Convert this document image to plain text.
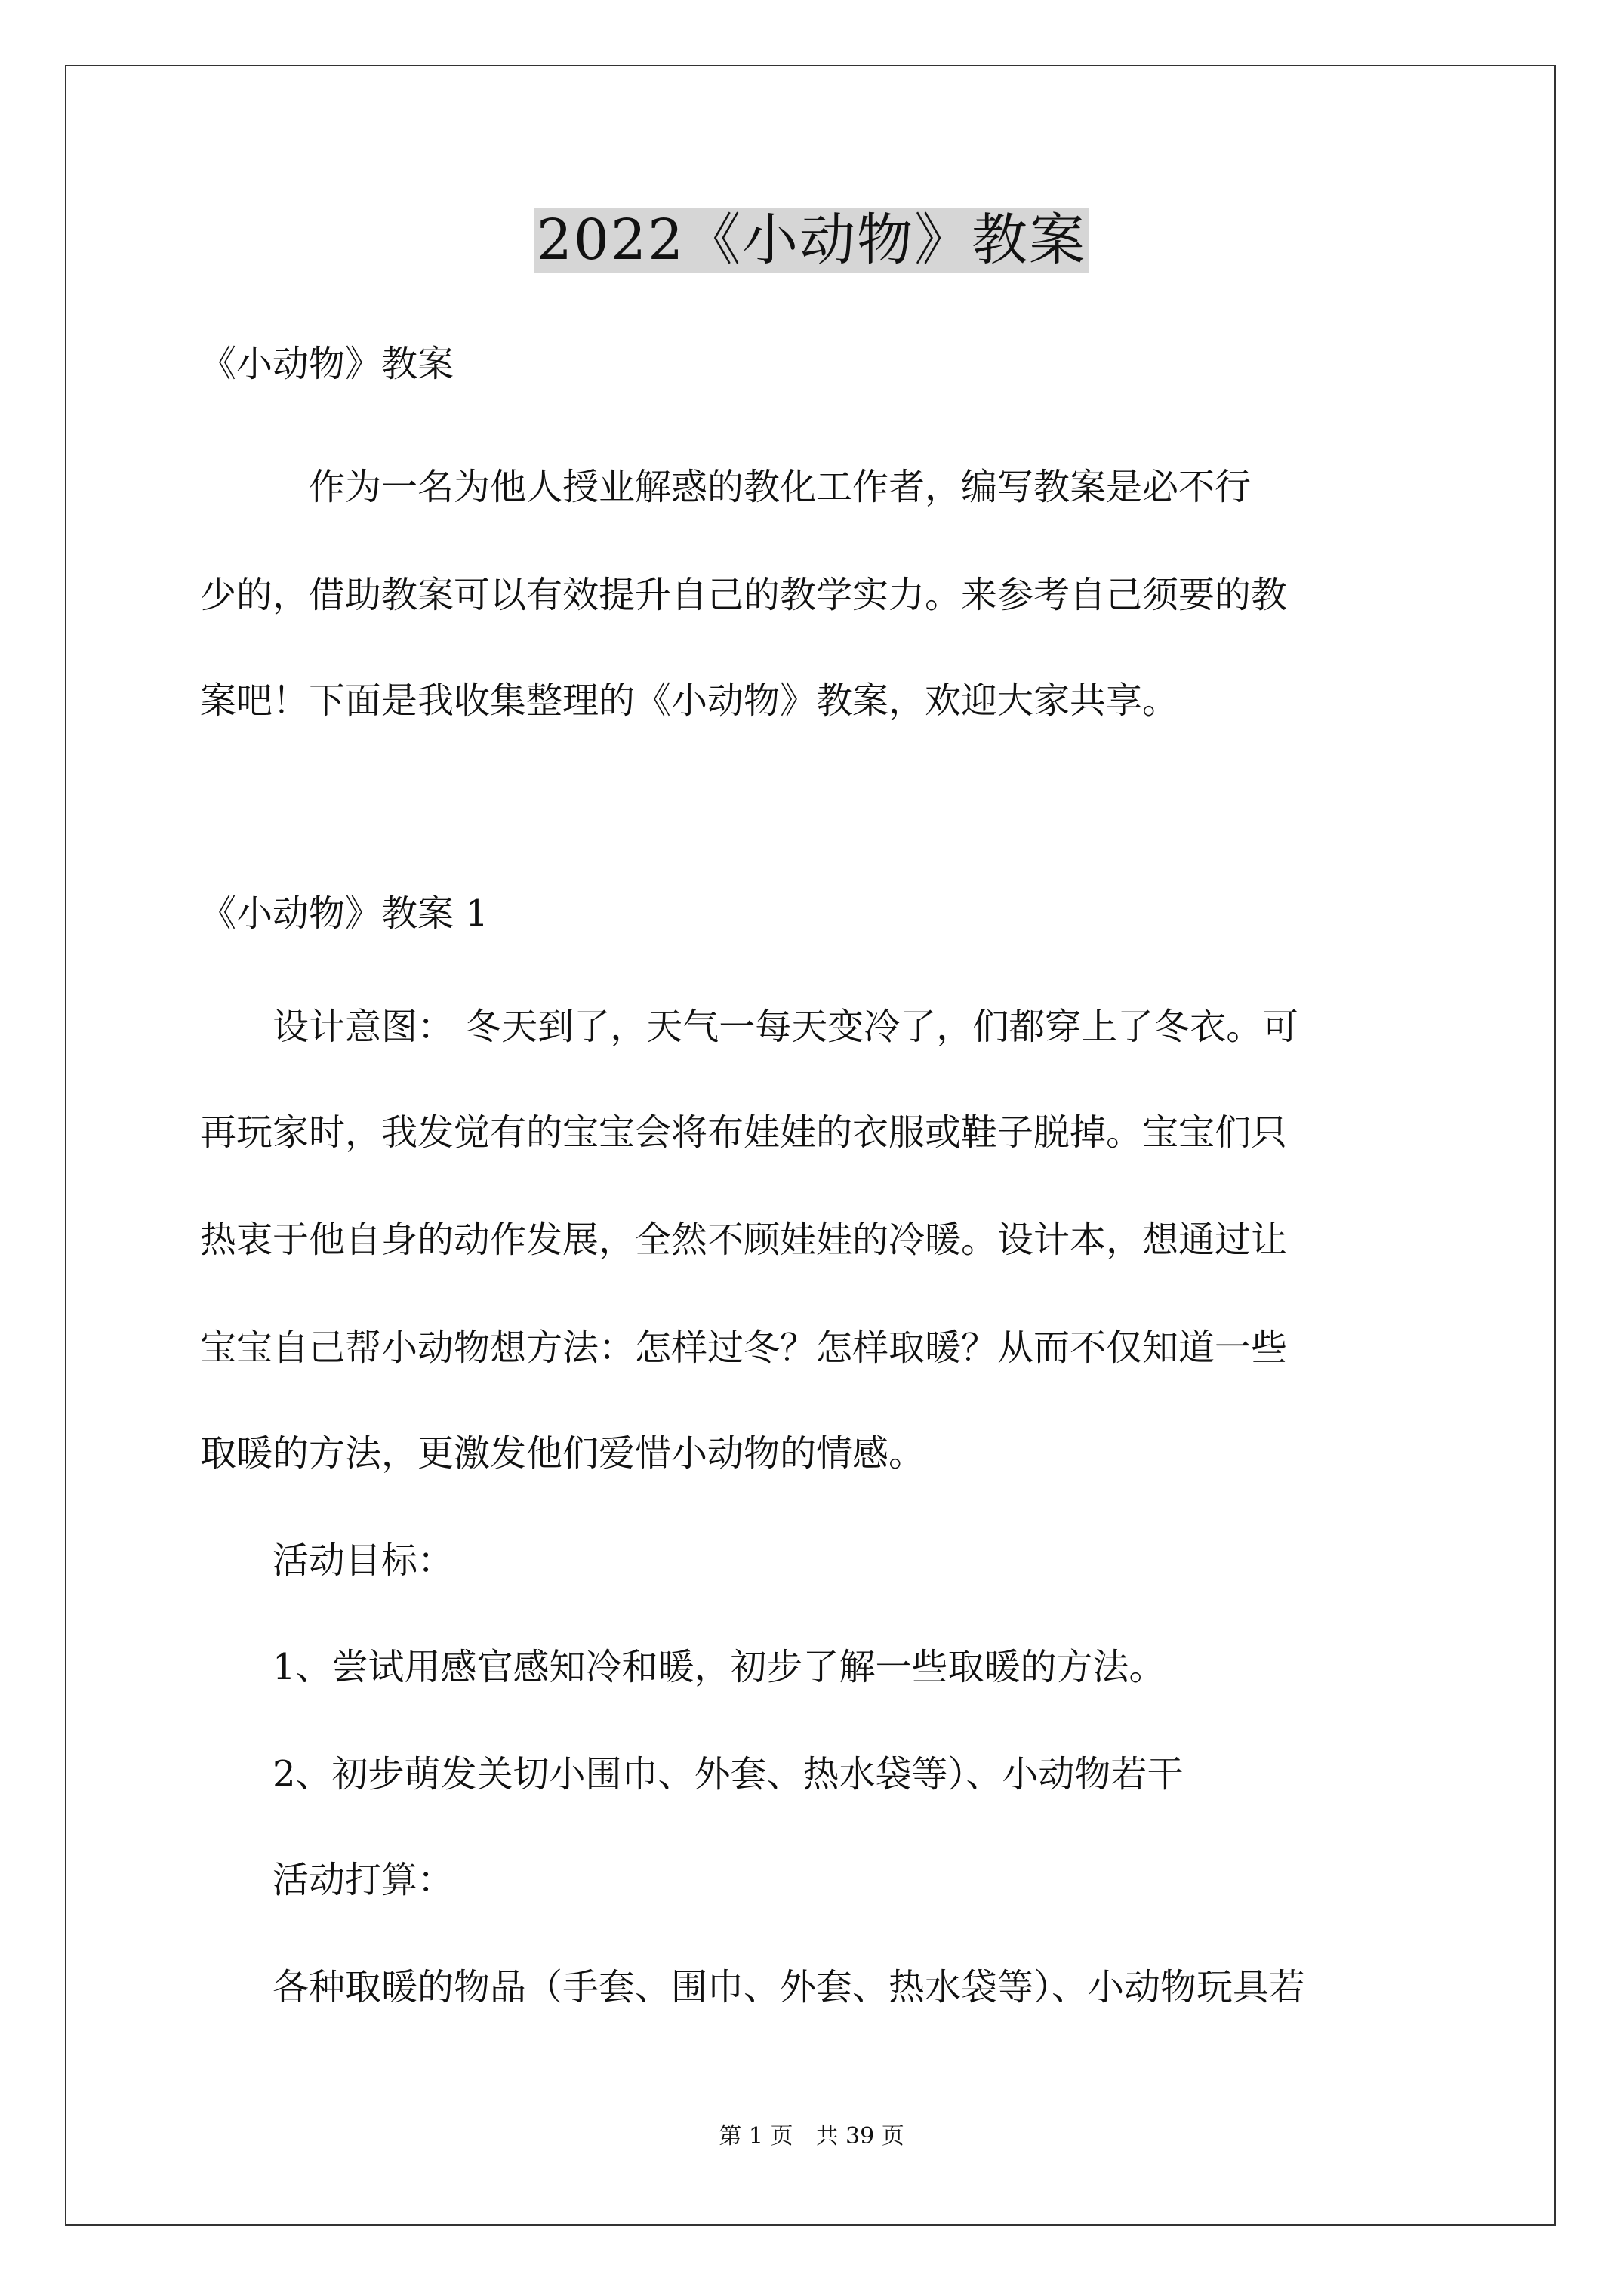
2022《小动物》教案
《小动物》教案
　　　作为一名为他人授业解惑的教化工作者，编写教案是必不行
少的，借助教案可以有效提升自己的教学实力。来参考自己须要的教
案吧！下面是我收集整理的《小动物》教案，欢迎大家共享。
《小动物》教案 1
　　设计意图： 冬天到了，天气一每天变冷了，们都穿上了冬衣。可
再玩家时，我发觉有的宝宝会将布娃娃的衣服或鞋子脱掉。宝宝们只
热衷于他自身的动作发展，全然不顾娃娃的冷暖。设计本，想通过让
宝宝自己帮小动物想方法：怎样过冬？怎样取暖？从而不仅知道一些
取暖的方法，更激发他们爱惜小动物的情感。
　　活动目标：
　　1、尝试用感官感知冷和暖，初步了解一些取暖的方法。
　　2、初步萌发关切小围巾、外套、热水袋等）、小动物若干
　　活动打算：
　　各种取暖的物品（手套、围巾、外套、热水袋等）、小动物玩具若
第 1 页　共 39 页
